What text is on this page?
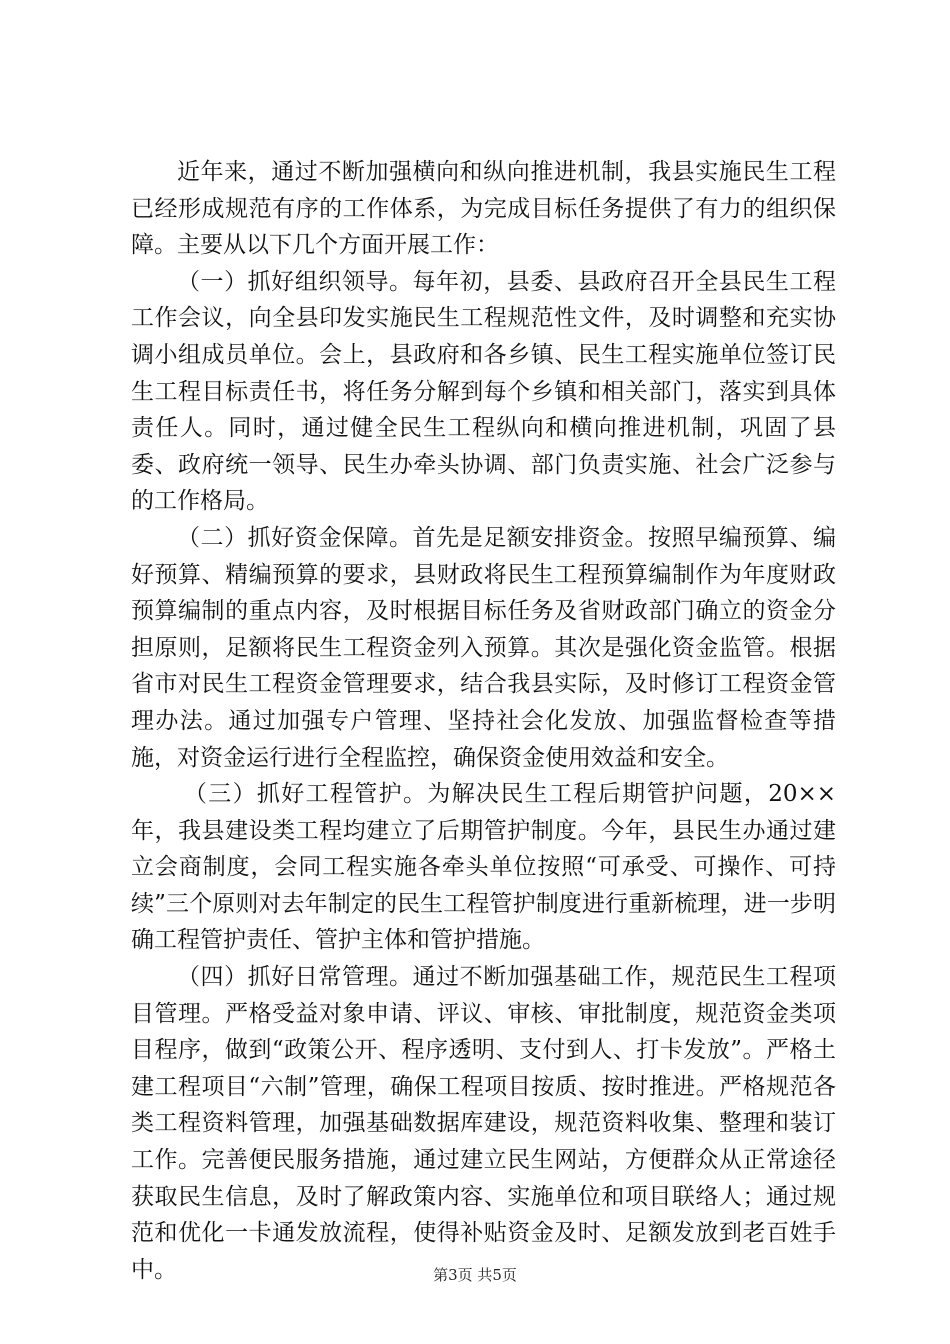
近年来，通过不断加强横向和纵向推进机制，我县实施民生工程已经形成规范有序的工作体系，为完成目标任务提供了有力的组织保障。主要从以下几个方面开展工作：

（一）抓好组织领导。每年初，县委、县政府召开全县民生工程工作会议，向全县印发实施民生工程规范性文件，及时调整和充实协调小组成员单位。会上，县政府和各乡镇、民生工程实施单位签订民生工程目标责任书，将任务分解到每个乡镇和相关部门，落实到具体责任人。同时，通过健全民生工程纵向和横向推进机制，巩固了县委、政府统一领导、民生办牵头协调、部门负责实施、社会广泛参与的工作格局。

（二）抓好资金保障。首先是足额安排资金。按照早编预算、编好预算、精编预算的要求，县财政将民生工程预算编制作为年度财政预算编制的重点内容，及时根据目标任务及省财政部门确立的资金分担原则，足额将民生工程资金列入预算。其次是强化资金监管。根据省市对民生工程资金管理要求，结合我县实际，及时修订工程资金管理办法。通过加强专户管理、坚持社会化发放、加强监督检查等措施，对资金运行进行全程监控，确保资金使用效益和安全。

（三）抓好工程管护。为解决民生工程后期管护问题，20××年，我县建设类工程均建立了后期管护制度。今年，县民生办通过建立会商制度，会同工程实施各牵头单位按照“可承受、可操作、可持续”三个原则对去年制定的民生工程管护制度进行重新梳理，进一步明确工程管护责任、管护主体和管护措施。

（四）抓好日常管理。通过不断加强基础工作，规范民生工程项目管理。严格受益对象申请、评议、审核、审批制度，规范资金类项目程序，做到“政策公开、程序透明、支付到人、打卡发放”。严格土建工程项目“六制”管理，确保工程项目按质、按时推进。严格规范各类工程资料管理，加强基础数据库建设，规范资料收集、整理和装订工作。完善便民服务措施，通过建立民生网站，方便群众从正常途径获取民生信息，及时了解政策内容、实施单位和项目联络人；通过规范和优化一卡通发放流程，使得补贴资金及时、足额发放到老百姓手中。	第3页 共5页
